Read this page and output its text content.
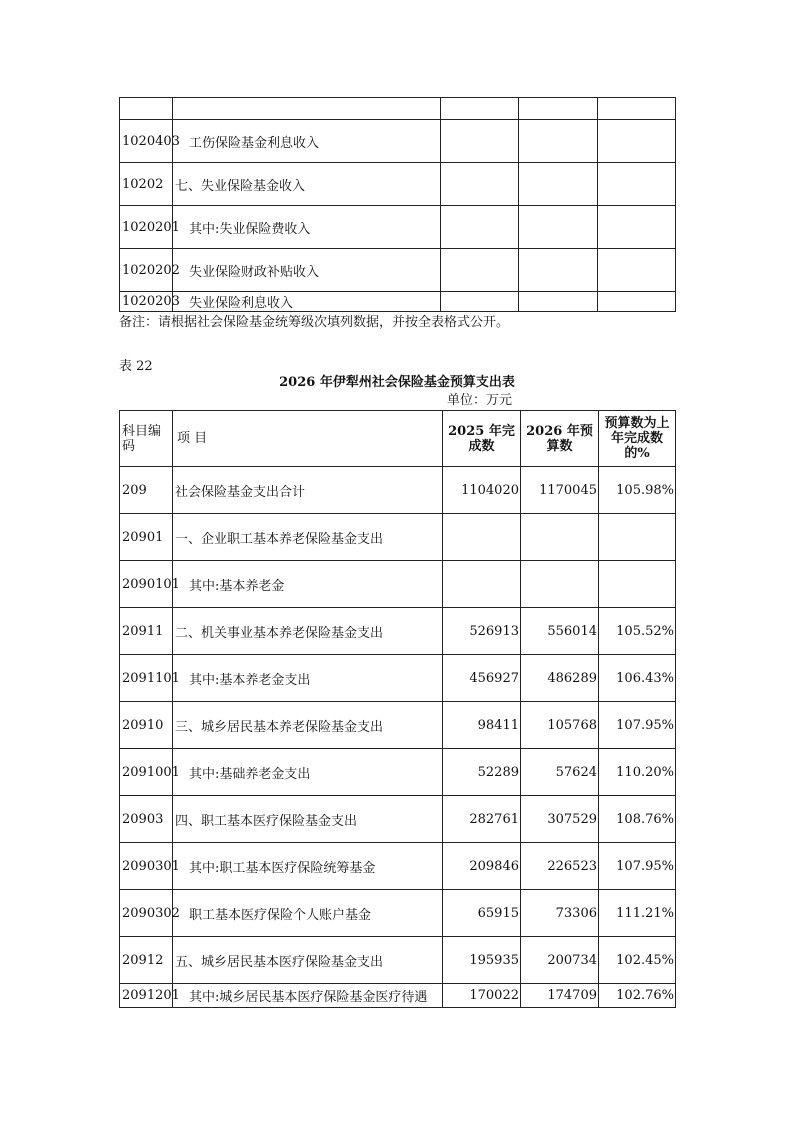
1020403	工伤保险基金利息收入			
10202	七、失业保险基金收入			
1020201	其中:失业保险费收入			
1020202	失业保险财政补贴收入			
1020203	失业保险利息收入			
备注：请根据社会保险基金统筹级次填列数据，并按全表格式公开。
表 22
2026 年伊犁州社会保险基金预算支出表
单位：万元
科目编码	项 目	2025 年完成数	2026 年预算数	预算数为上年完成数的%
209	社会保险基金支出合计	1104020	1170045	105.98%
20901	一、企业职工基本养老保险基金支出			
2090101	其中:基本养老金			
20911	二、机关事业基本养老保险基金支出	526913	556014	105.52%
2091101	其中:基本养老金支出	456927	486289	106.43%
20910	三、城乡居民基本养老保险基金支出	98411	105768	107.95%
2091001	其中:基础养老金支出	52289	57624	110.20%
20903	四、职工基本医疗保险基金支出	282761	307529	108.76%
2090301	其中:职工基本医疗保险统筹基金	209846	226523	107.95%
2090302	职工基本医疗保险个人账户基金	65915	73306	111.21%
20912	五、城乡居民基本医疗保险基金支出	195935	200734	102.45%
2091201	其中:城乡居民基本医疗保险基金医疗待遇	170022	174709	102.76%
